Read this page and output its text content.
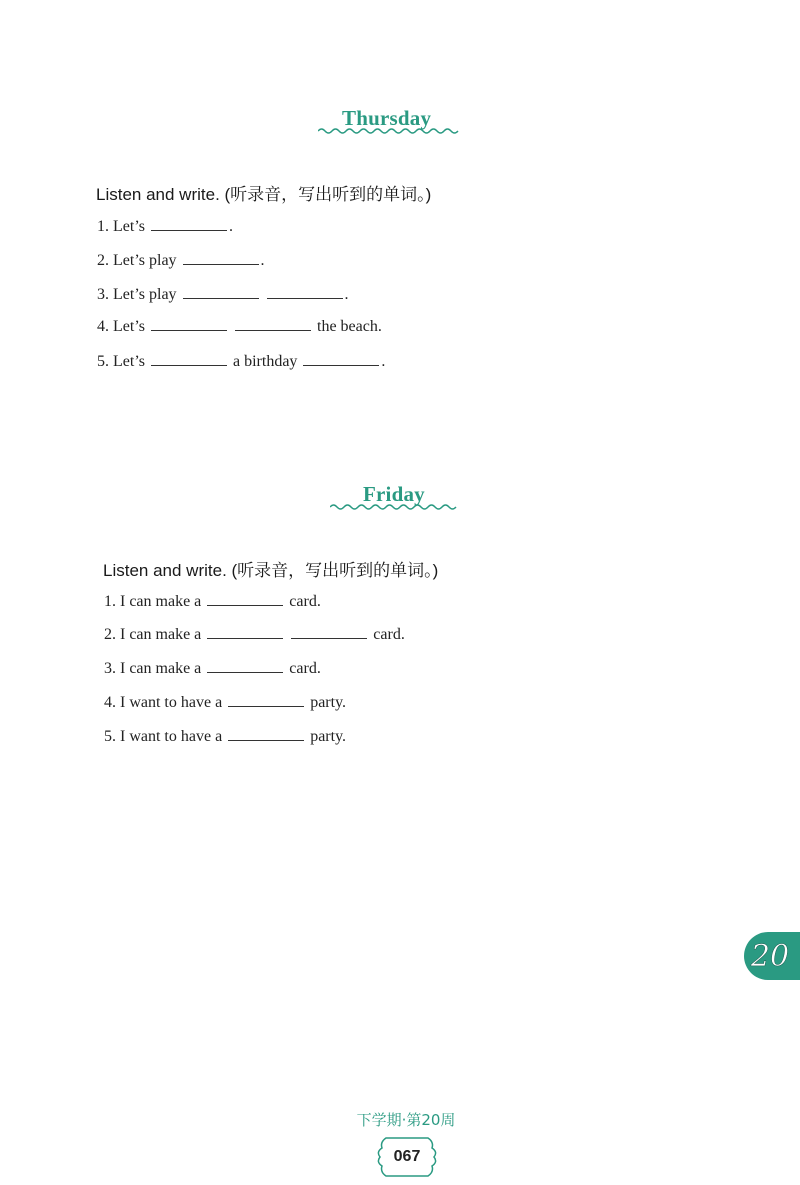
Thursday
Listen and write. (听录音，写出听到的单词。)
1. Let’s	.
2. Let’s play	.
3. Let’s play	.
4. Let’s	the beach.
5. Let’s	a birthday	.
Friday
Listen and write. (听录音，写出听到的单词。)
1. I can make a	card.
2. I can make a	card.
3. I can make a	card.
4. I want to have a	party.
5. I want to have a	party.
20
下学期·第20周
067
